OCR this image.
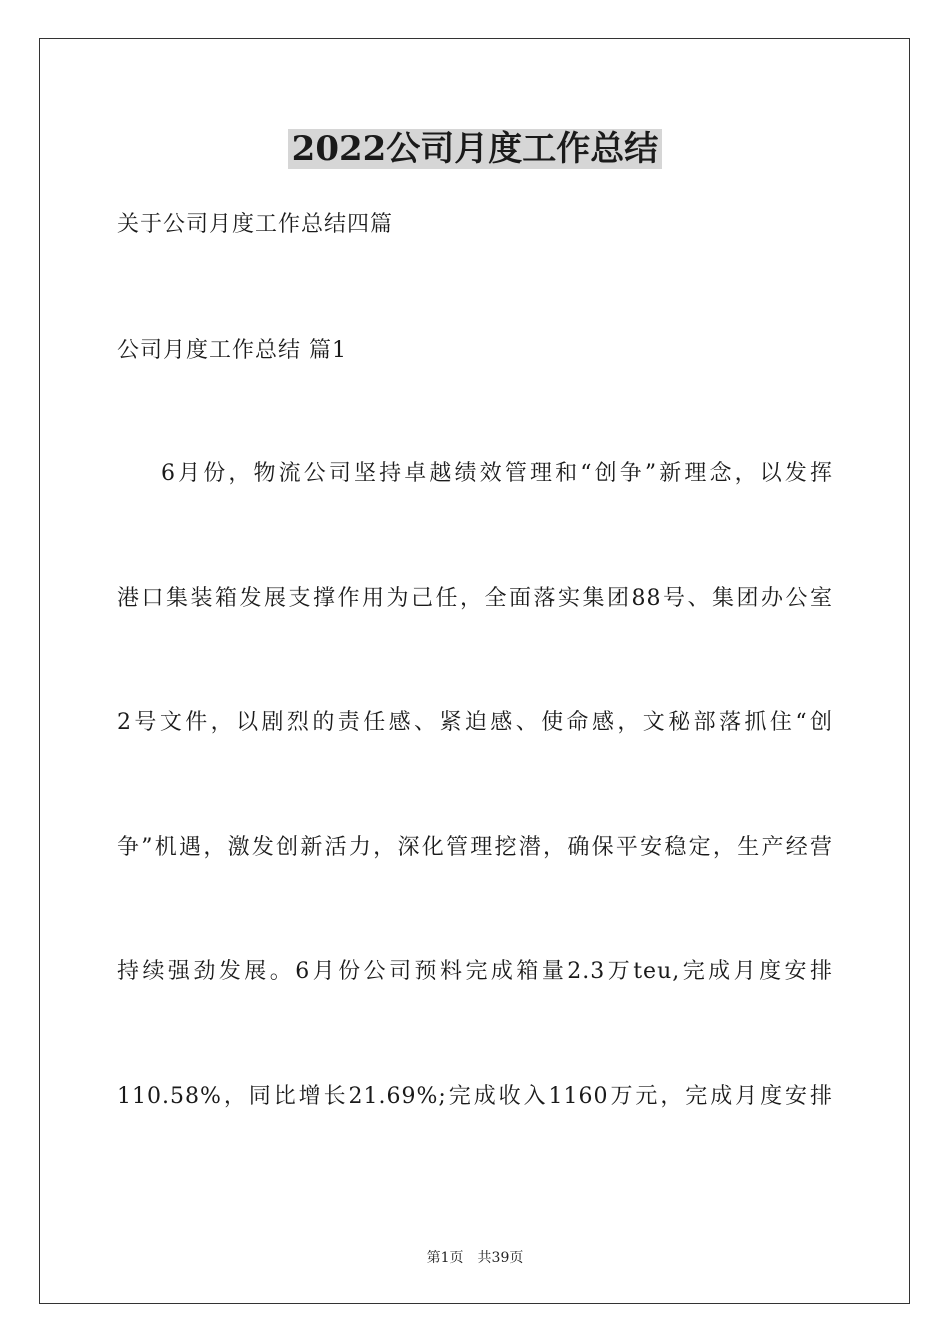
2022公司月度工作总结
关于公司月度工作总结四篇
公司月度工作总结 篇1
6月份，物流公司坚持卓越绩效管理和“创争”新理念，以发挥
港口集装箱发展支撑作用为己任，全面落实集团88号、集团办公室
2号文件，以剧烈的责任感、紧迫感、使命感，文秘部落抓住“创
争”机遇，激发创新活力，深化管理挖潜，确保平安稳定，生产经营
持续强劲发展。6月份公司预料完成箱量2.3万teu,完成月度安排
110.58%，同比增长21.69%;完成收入1160万元，完成月度安排
第1页　共39页
